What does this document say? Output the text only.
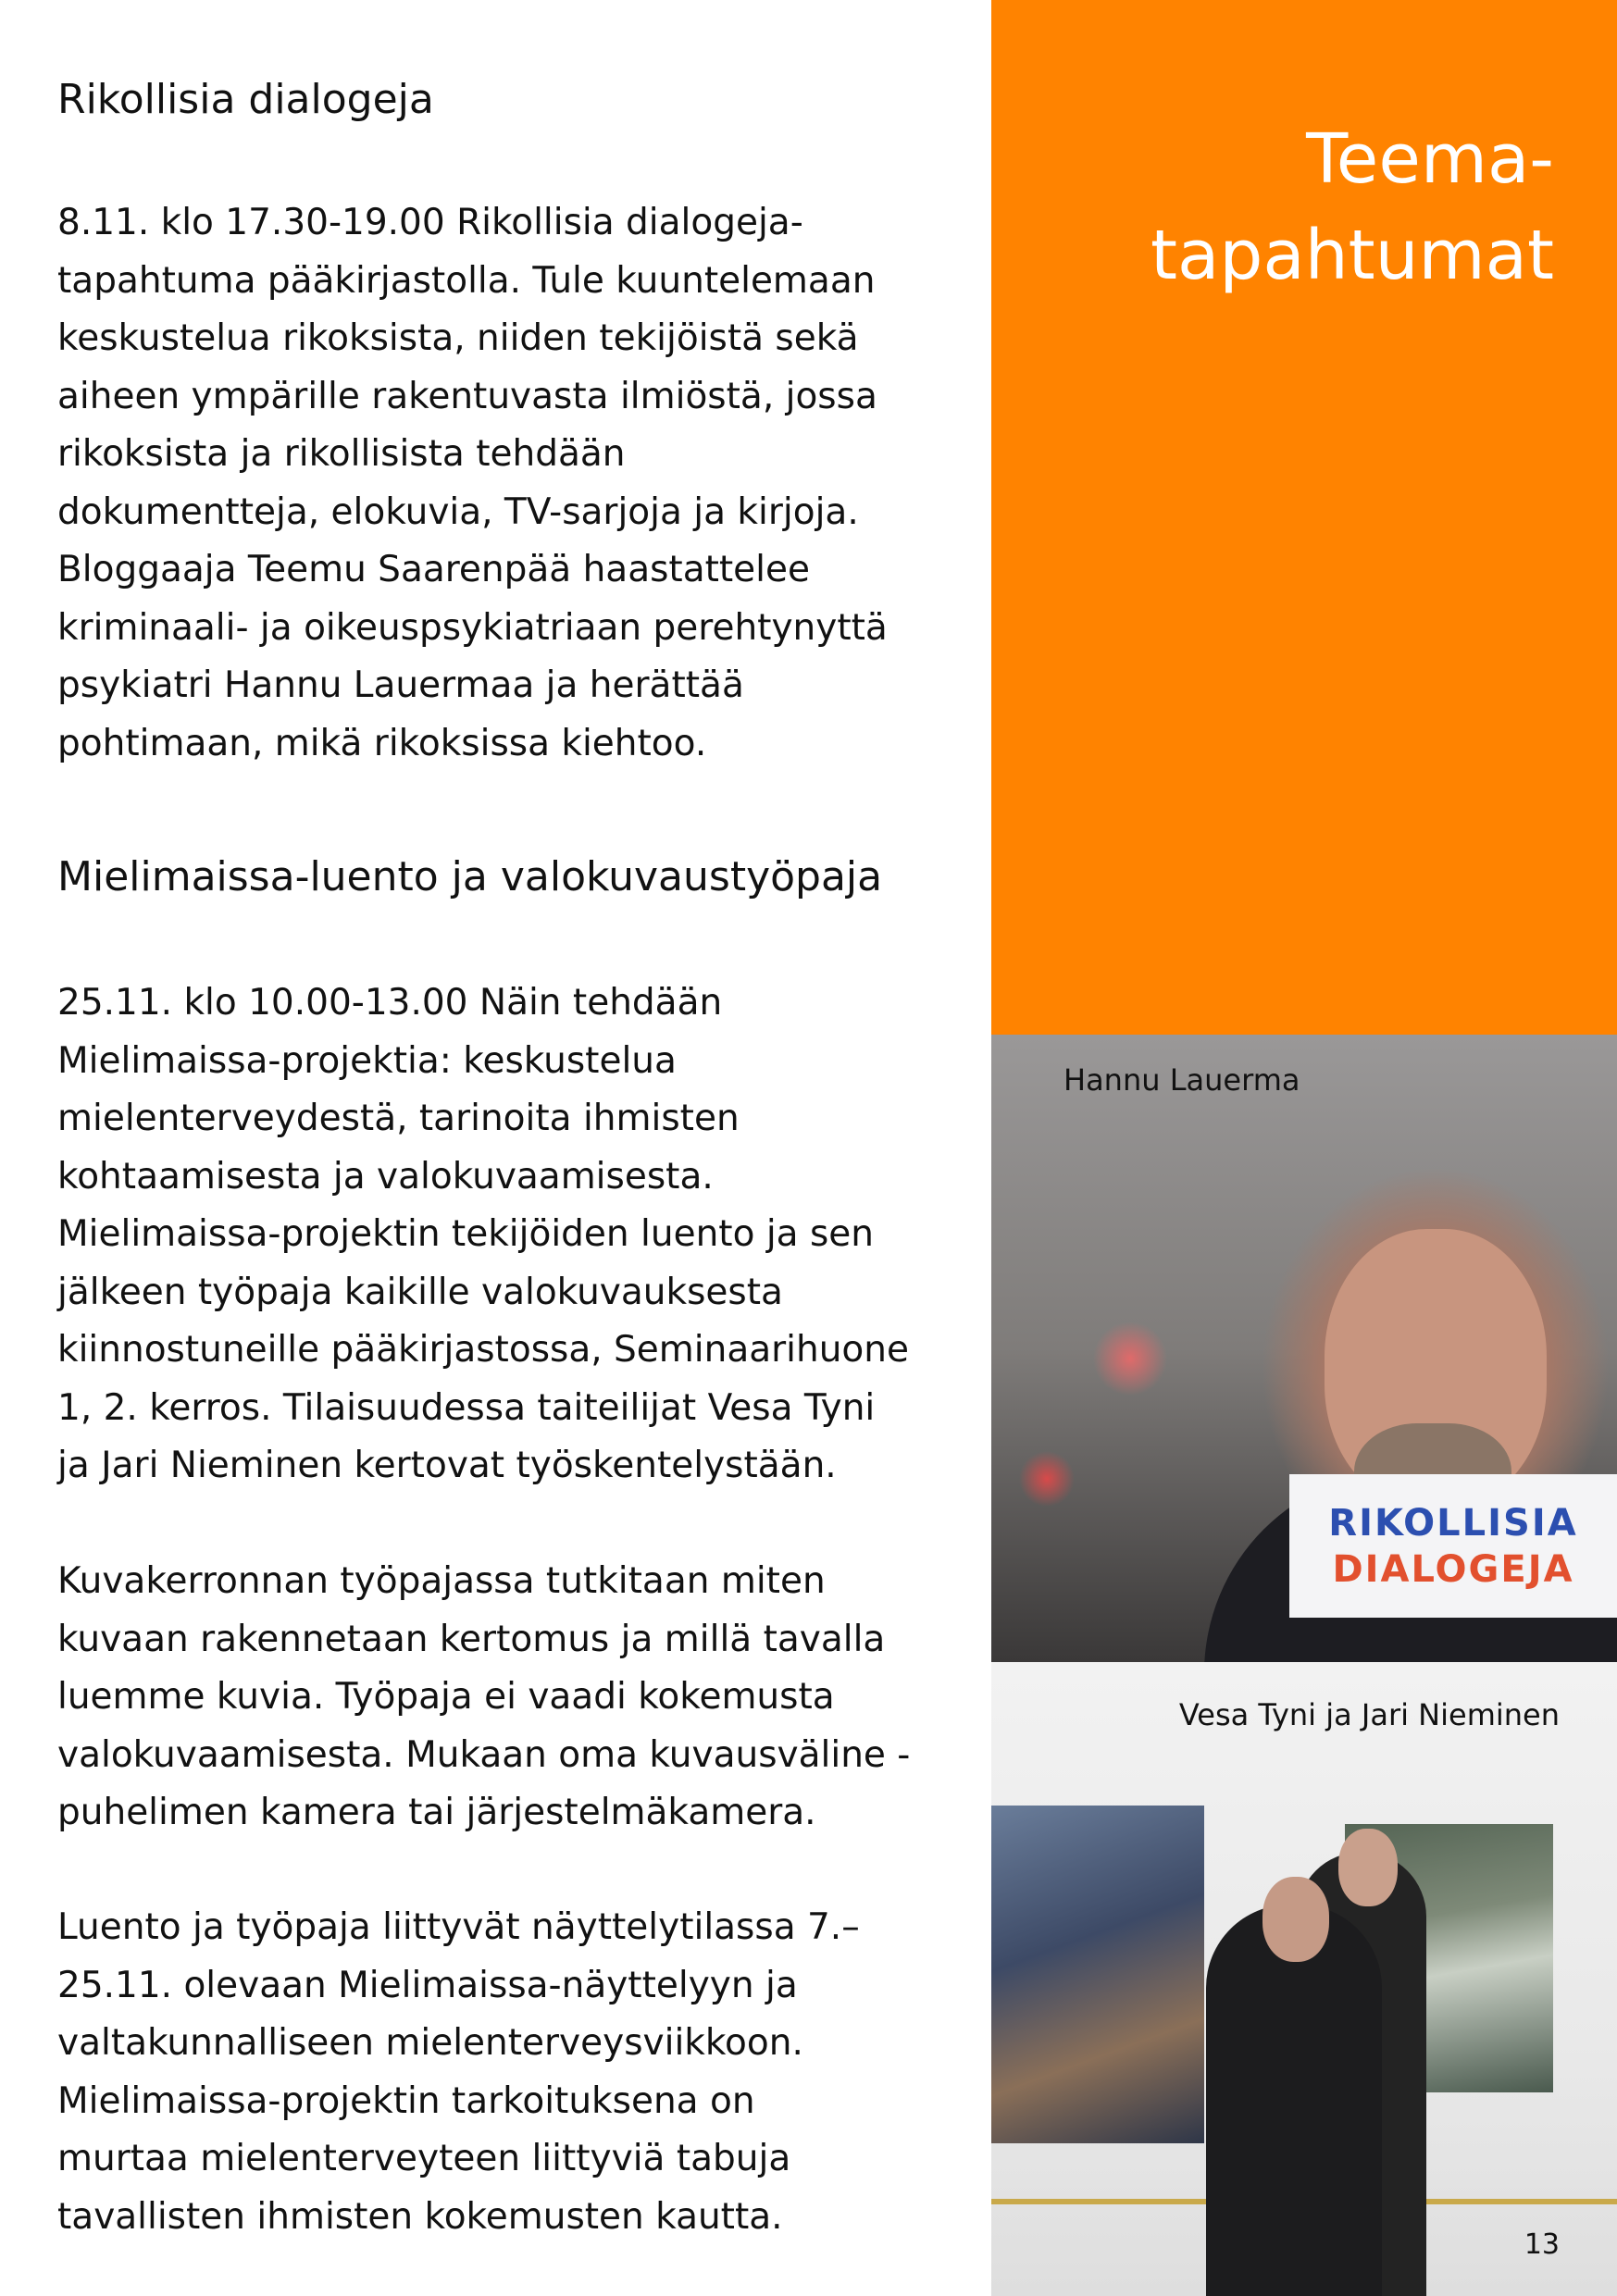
Rikollisia dialogeja

8.11. klo 17.30-19.00 Rikollisia dialogeja-
tapahtuma pääkirjastolla. Tule kuuntelemaan
keskustelua rikoksista, niiden tekijöistä sekä
aiheen ympärille rakentuvasta ilmiöstä, jossa
rikoksista ja rikollisista tehdään
dokumentteja, elokuvia, TV-sarjoja ja kirjoja.
Bloggaaja Teemu Saarenpää haastattelee
kriminaali- ja oikeuspsykiatriaan perehtynyttä
psykiatri Hannu Lauermaa ja herättää
pohtimaan, mikä rikoksissa kiehtoo.

Mielimaissa-luento ja valokuvaustyöpaja

25.11. klo 10.00-13.00 Näin tehdään
Mielimaissa-projektia: keskustelua
mielenterveydestä, tarinoita ihmisten
kohtaamisesta ja valokuvaamisesta.
Mielimaissa-projektin tekijöiden luento ja sen
jälkeen työpaja kaikille valokuvauksesta
kiinnostuneille pääkirjastossa, Seminaarihuone
1, 2. kerros. Tilaisuudessa taiteilijat Vesa Tyni
ja Jari Nieminen kertovat työskentelystään.

Kuvakerronnan työpajassa tutkitaan miten
kuvaan rakennetaan kertomus ja millä tavalla
luemme kuvia. Työpaja ei vaadi kokemusta
valokuvaamisesta. Mukaan oma kuvausväline -
puhelimen kamera tai järjestelmäkamera.

Luento ja työpaja liittyvät näyttelytilassa 7.–
25.11. olevaan Mielimaissa-näyttelyyn ja
valtakunnalliseen mielenterveysviikkoon.
Mielimaissa-projektin tarkoituksena on
murtaa mielenterveyteen liittyviä tabuja
tavallisten ihmisten kokemusten kautta.

Teema-
tapahtumat
Hannu Lauerma
RIKOLLISIA
DIALOGEJA
Vesa Tyni ja Jari Nieminen
13
